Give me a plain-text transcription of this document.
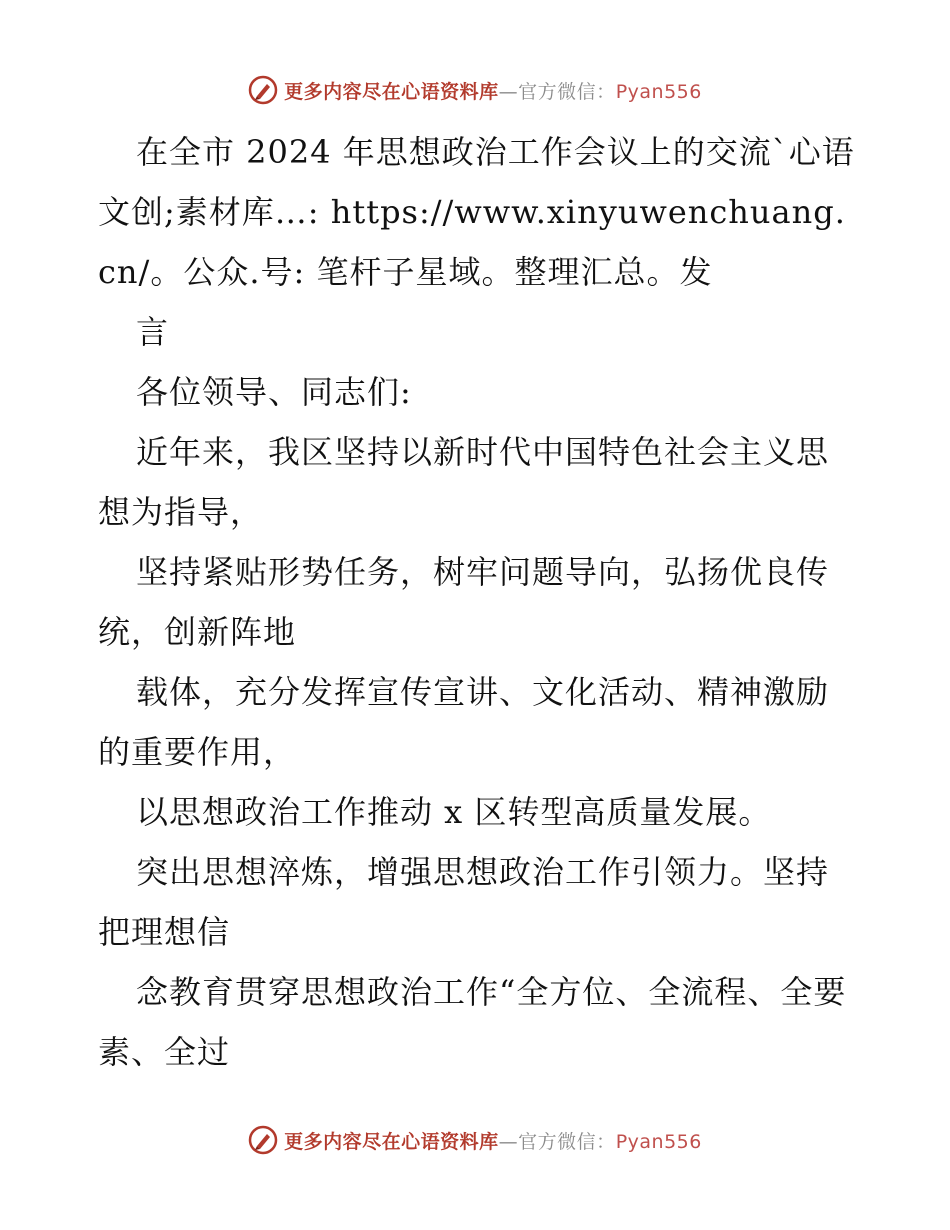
更多内容尽在心语资料库—官方微信：Pyan556

在全市 2024 年思想政治工作会议上的交流`心语文创;素材库…: https://www.xinyuwenchuang.cn/。公众.号: 笔杆子星域。整理汇总。发

言

各位领导、同志们:

近年来，我区坚持以新时代中国特色社会主义思想为指导，

坚持紧贴形势任务，树牢问题导向，弘扬优良传统，创新阵地

载体，充分发挥宣传宣讲、文化活动、精神激励的重要作用，

以思想政治工作推动 x 区转型高质量发展。

突出思想淬炼，增强思想政治工作引领力。坚持把理想信

念教育贯穿思想政治工作“全方位、全流程、全要素、全过

更多内容尽在心语资料库—官方微信：Pyan556
